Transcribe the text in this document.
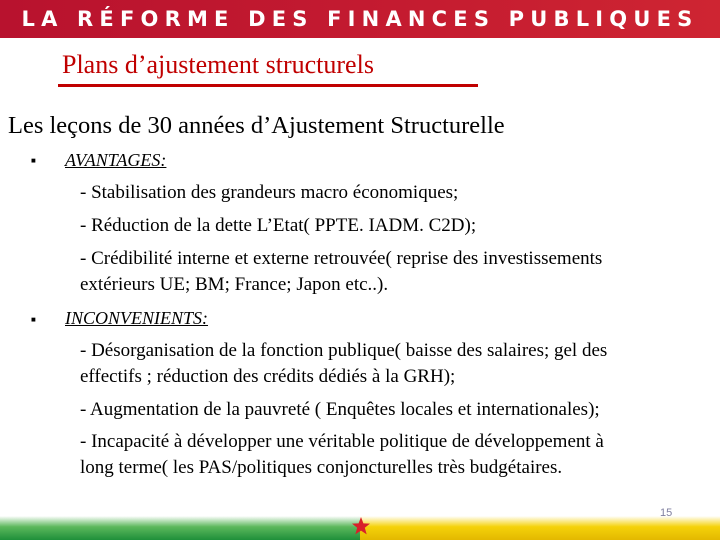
LA RÉFORME DES FINANCES PUBLIQUES
Plans d’ajustement structurels
Les leçons de 30 années d’Ajustement Structurelle
■ AVANTAGES:
- Stabilisation des grandeurs macro économiques;
- Réduction de la dette L’Etat( PPTE. IADM. C2D);
- Crédibilité interne et externe retrouvée( reprise des investissements
extérieurs UE; BM; France; Japon etc..).
■ INCONVENIENTS:
- Désorganisation de la fonction publique( baisse des salaires; gel des
effectifs ; réduction des crédits dédiés à la GRH);
- Augmentation de la pauvreté ( Enquêtes locales et internationales);
- Incapacité à développer une véritable politique de développement à
long terme( les PAS/politiques conjoncturelles très budgétaires.
15
